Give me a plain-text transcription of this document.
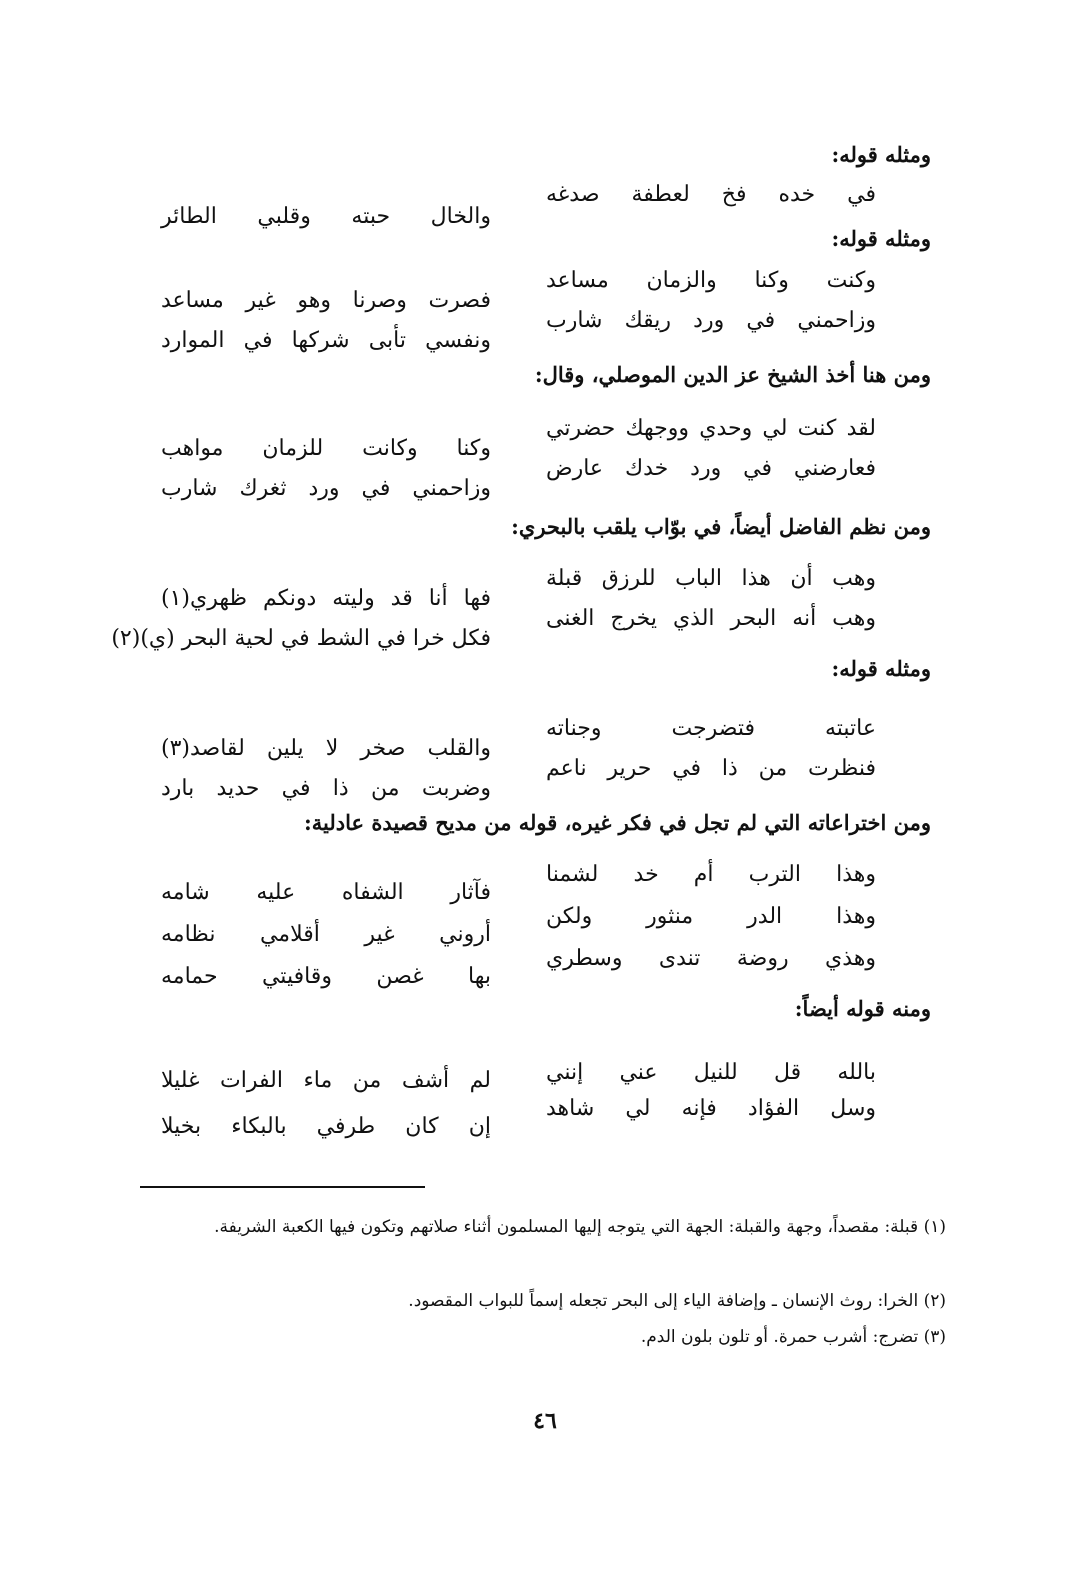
ومثله قوله:
في خده فخ لعطفة صدغه
والخال حبته وقلبي الطائر
ومثله قوله:
وكنت وكنا والزمان مساعد
فصرت وصرنا وهو غير مساعد
وزاحمني في ورد ريقك شارب
ونفسي تأبى شركها في الموارد
ومن هنا أخذ الشيخ عز الدين الموصلي، وقال:
لقد كنت لي وحدي ووجهك حضرتي
وكنا وكانت للزمان مواهب
فعارضني في ورد خدك عارض
وزاحمني في ورد ثغرك شارب
ومن نظم الفاضل أيضاً، في بوّاب يلقب بالبحري:
وهب أن هذا الباب للرزق قبلة
فها أنا قد وليته دونكم ظهري(١)
وهب أنه البحر الذي يخرج الغنى
فكل خرا في الشط في لحية البحر (ي)(٢)
ومثله قوله:
عاتبته فتضرجت وجناته
والقلب صخر لا يلين لقاصد(٣)
فنظرت من ذا في حرير ناعم
وضربت من ذا في حديد بارد
ومن اختراعاته التي لم تجل في فكر غيره، قوله من مديح قصيدة عادلية:
وهذا الترب أم خد لشمنا
فآثار الشفاه عليه شامه
وهذا الدر منثور ولكن
أروني غير أقلامي نظامه
وهذي روضة تندى وسطري
بها غصن وقافيتي حمامه
ومنه قوله أيضاً:
بالله قل للنيل عني إنني
لم أشف من ماء الفرات غليلا
وسل الفؤاد فإنه لي شاهد
إن كان طرفي بالبكاء بخيلا
(١) قبلة: مقصداً، وجهة والقبلة: الجهة التي يتوجه إليها المسلمون أثناء صلاتهم وتكون فيها الكعبة الشريفة.
(٢) الخرا: روث الإنسان ـ وإضافة الياء إلى البحر تجعله إسماً للبواب المقصود.
(٣) تضرج: أشرب حمرة. أو تلون بلون الدم.
٤٦
